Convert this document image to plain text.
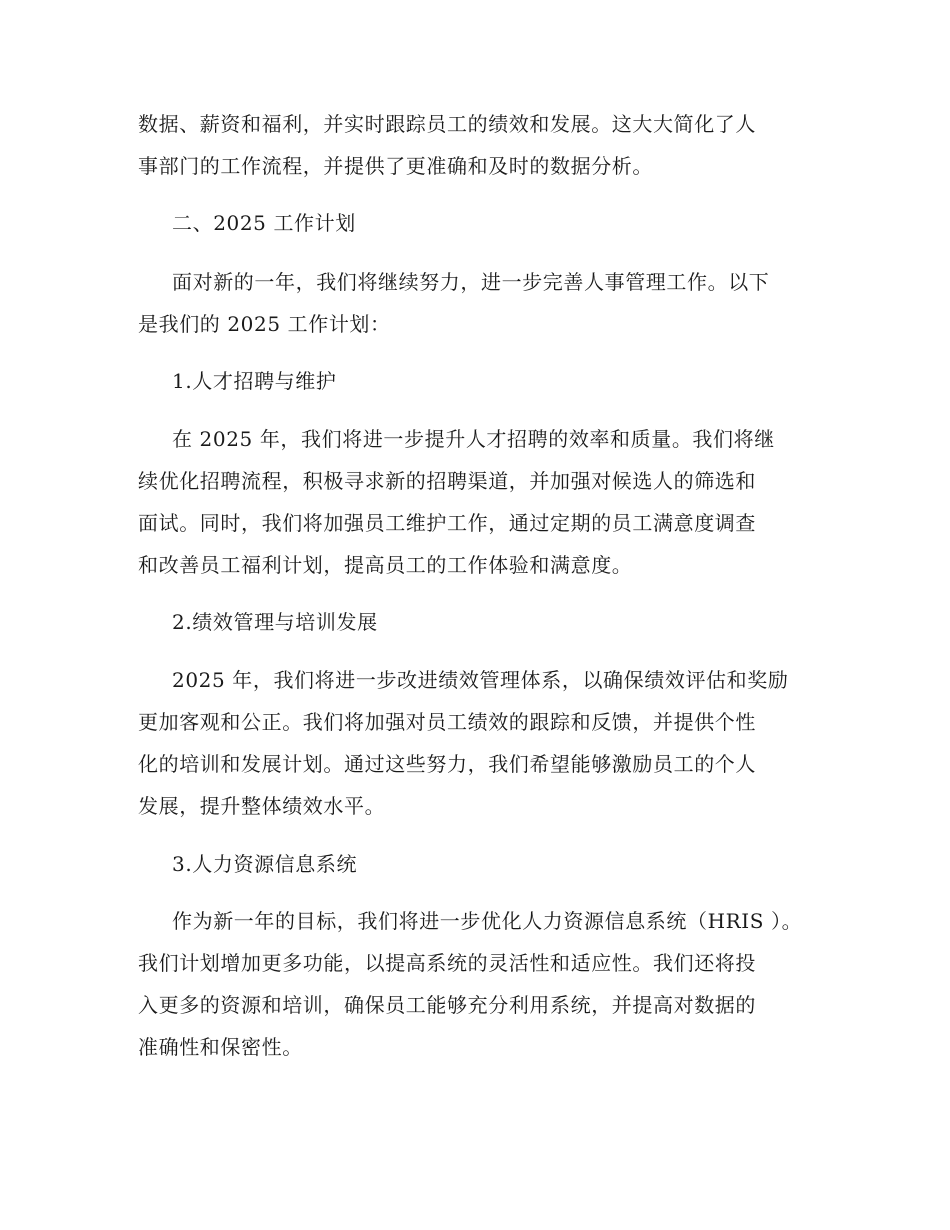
数据、薪资和福利，并实时跟踪员工的绩效和发展。这大大简化了人
事部门的工作流程，并提供了更准确和及时的数据分析。
二、2025 工作计划
面对新的一年，我们将继续努力，进一步完善人事管理工作。以下
是我们的 2025 工作计划：
1.人才招聘与维护
在 2025 年，我们将进一步提升人才招聘的效率和质量。我们将继
续优化招聘流程，积极寻求新的招聘渠道，并加强对候选人的筛选和
面试。同时，我们将加强员工维护工作，通过定期的员工满意度调查
和改善员工福利计划，提高员工的工作体验和满意度。
2.绩效管理与培训发展
2025 年，我们将进一步改进绩效管理体系，以确保绩效评估和奖励
更加客观和公正。我们将加强对员工绩效的跟踪和反馈，并提供个性
化的培训和发展计划。通过这些努力，我们希望能够激励员工的个人
发展，提升整体绩效水平。
3.人力资源信息系统
作为新一年的目标，我们将进一步优化人力资源信息系统（HRIS ）。
我们计划增加更多功能，以提高系统的灵活性和适应性。我们还将投
入更多的资源和培训，确保员工能够充分利用系统，并提高对数据的
准确性和保密性。
